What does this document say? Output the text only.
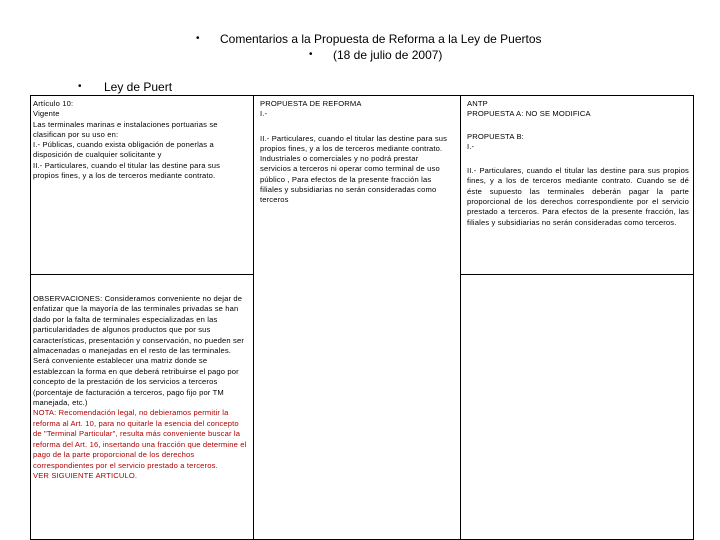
• Comentarios a la Propuesta de Reforma a la Ley de Puertos
• (18 de julio de 2007)
• Ley de Puert

Artículo 10:

Vigente

Las terminales marinas e instalaciones portuarias se clasifican por su uso en:

I.- Públicas, cuando exista obligación de ponerlas a disposición de cualquier solicitante y

II.- Particulares, cuando el titular las destine para sus propios fines, y a los de terceros mediante contrato.

PROPUESTA DE REFORMA

I.-

II.- Particulares, cuando el titular las destine para sus propios fines, y a los de terceros mediante contrato. Industriales o comerciales y no podrá prestar servicios a terceros ni operar como terminal de uso público , Para efectos de la presente fracción las filiales y subsidiarias no serán consideradas como terceros

ANTP

PROPUESTA A: NO SE MODIFICA

PROPUESTA B:

I.-

II.- Particulares, cuando el titular las destine para sus propios fines, y a los de terceros mediante contrato. Cuando se dé éste supuesto las terminales deberán pagar la parte proporcional de los derechos correspondiente por el servicio prestado a terceros. Para efectos de la presente fracción, las filiales y subsidiarias no serán consideradas como terceros.

OBSERVACIONES: Consideramos conveniente no dejar de enfatizar que la mayoría de las terminales privadas se han dado por la falta de terminales especializadas en las particularidades de algunos productos que por sus características, presentación y conservación, no pueden ser almacenadas o manejadas en el resto de las terminales. Será conveniente establecer una matriz donde se establezcan la forma en que deberá retribuirse el pago por concepto de la prestación de los servicios a terceros (porcentaje de facturación a terceros, pago fijo por TM manejada, etc.)

NOTA: Recomendación legal, no debieramos permitir la reforma al Art. 10, para no quitarle la esencia del concepto de "Terminal Particular", resulta más conveniente buscar la reforma del Art. 16, insertando una fracción que determine el pago de la parte proporcional de los derechos correspondientes por el servicio prestado a terceros.

VER SIGUIENTE ARTICULO.
